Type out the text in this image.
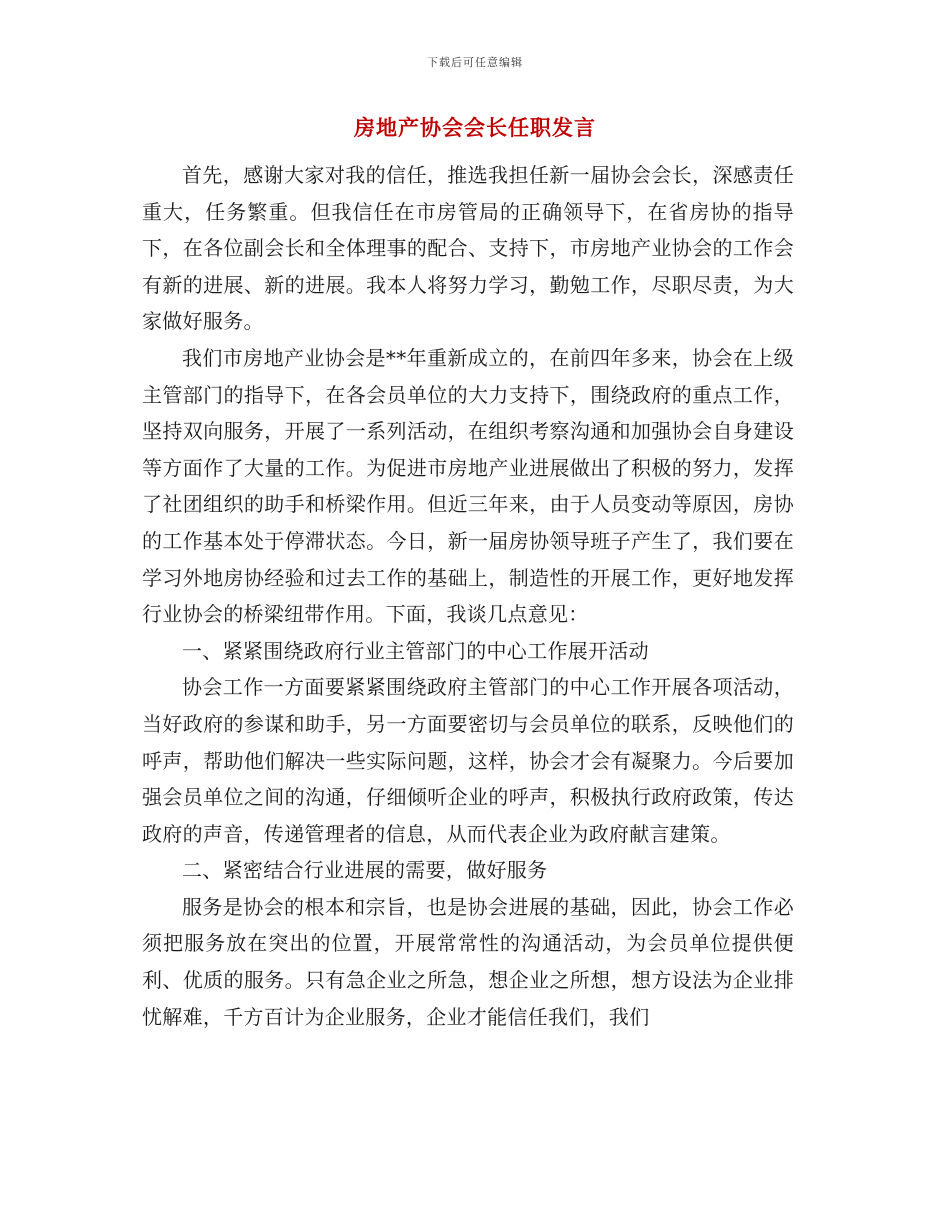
下载后可任意编辑
房地产协会会长任职发言

首先，感谢大家对我的信任，推选我担任新一届协会会长，深感责任重大，任务繁重。但我信任在市房管局的正确领导下，在省房协的指导下，在各位副会长和全体理事的配合、支持下，市房地产业协会的工作会有新的进展、新的进展。我本人将努力学习，勤勉工作，尽职尽责，为大家做好服务。

我们市房地产业协会是**年重新成立的，在前四年多来，协会在上级主管部门的指导下，在各会员单位的大力支持下，围绕政府的重点工作，坚持双向服务，开展了一系列活动，在组织考察沟通和加强协会自身建设等方面作了大量的工作。为促进市房地产业进展做出了积极的努力，发挥了社团组织的助手和桥梁作用。但近三年来，由于人员变动等原因，房协的工作基本处于停滞状态。今日，新一届房协领导班子产生了，我们要在学习外地房协经验和过去工作的基础上，制造性的开展工作，更好地发挥行业协会的桥梁纽带作用。下面，我谈几点意见：

一、紧紧围绕政府行业主管部门的中心工作展开活动

协会工作一方面要紧紧围绕政府主管部门的中心工作开展各项活动，当好政府的参谋和助手，另一方面要密切与会员单位的联系，反映他们的呼声，帮助他们解决一些实际问题，这样，协会才会有凝聚力。今后要加强会员单位之间的沟通，仔细倾听企业的呼声，积极执行政府政策，传达政府的声音，传递管理者的信息，从而代表企业为政府献言建策。

二、紧密结合行业进展的需要，做好服务

服务是协会的根本和宗旨，也是协会进展的基础，因此，协会工作必须把服务放在突出的位置，开展常常性的沟通活动，为会员单位提供便利、优质的服务。只有急企业之所急，想企业之所想，想方设法为企业排忧解难，千方百计为企业服务，企业才能信任我们，我们
